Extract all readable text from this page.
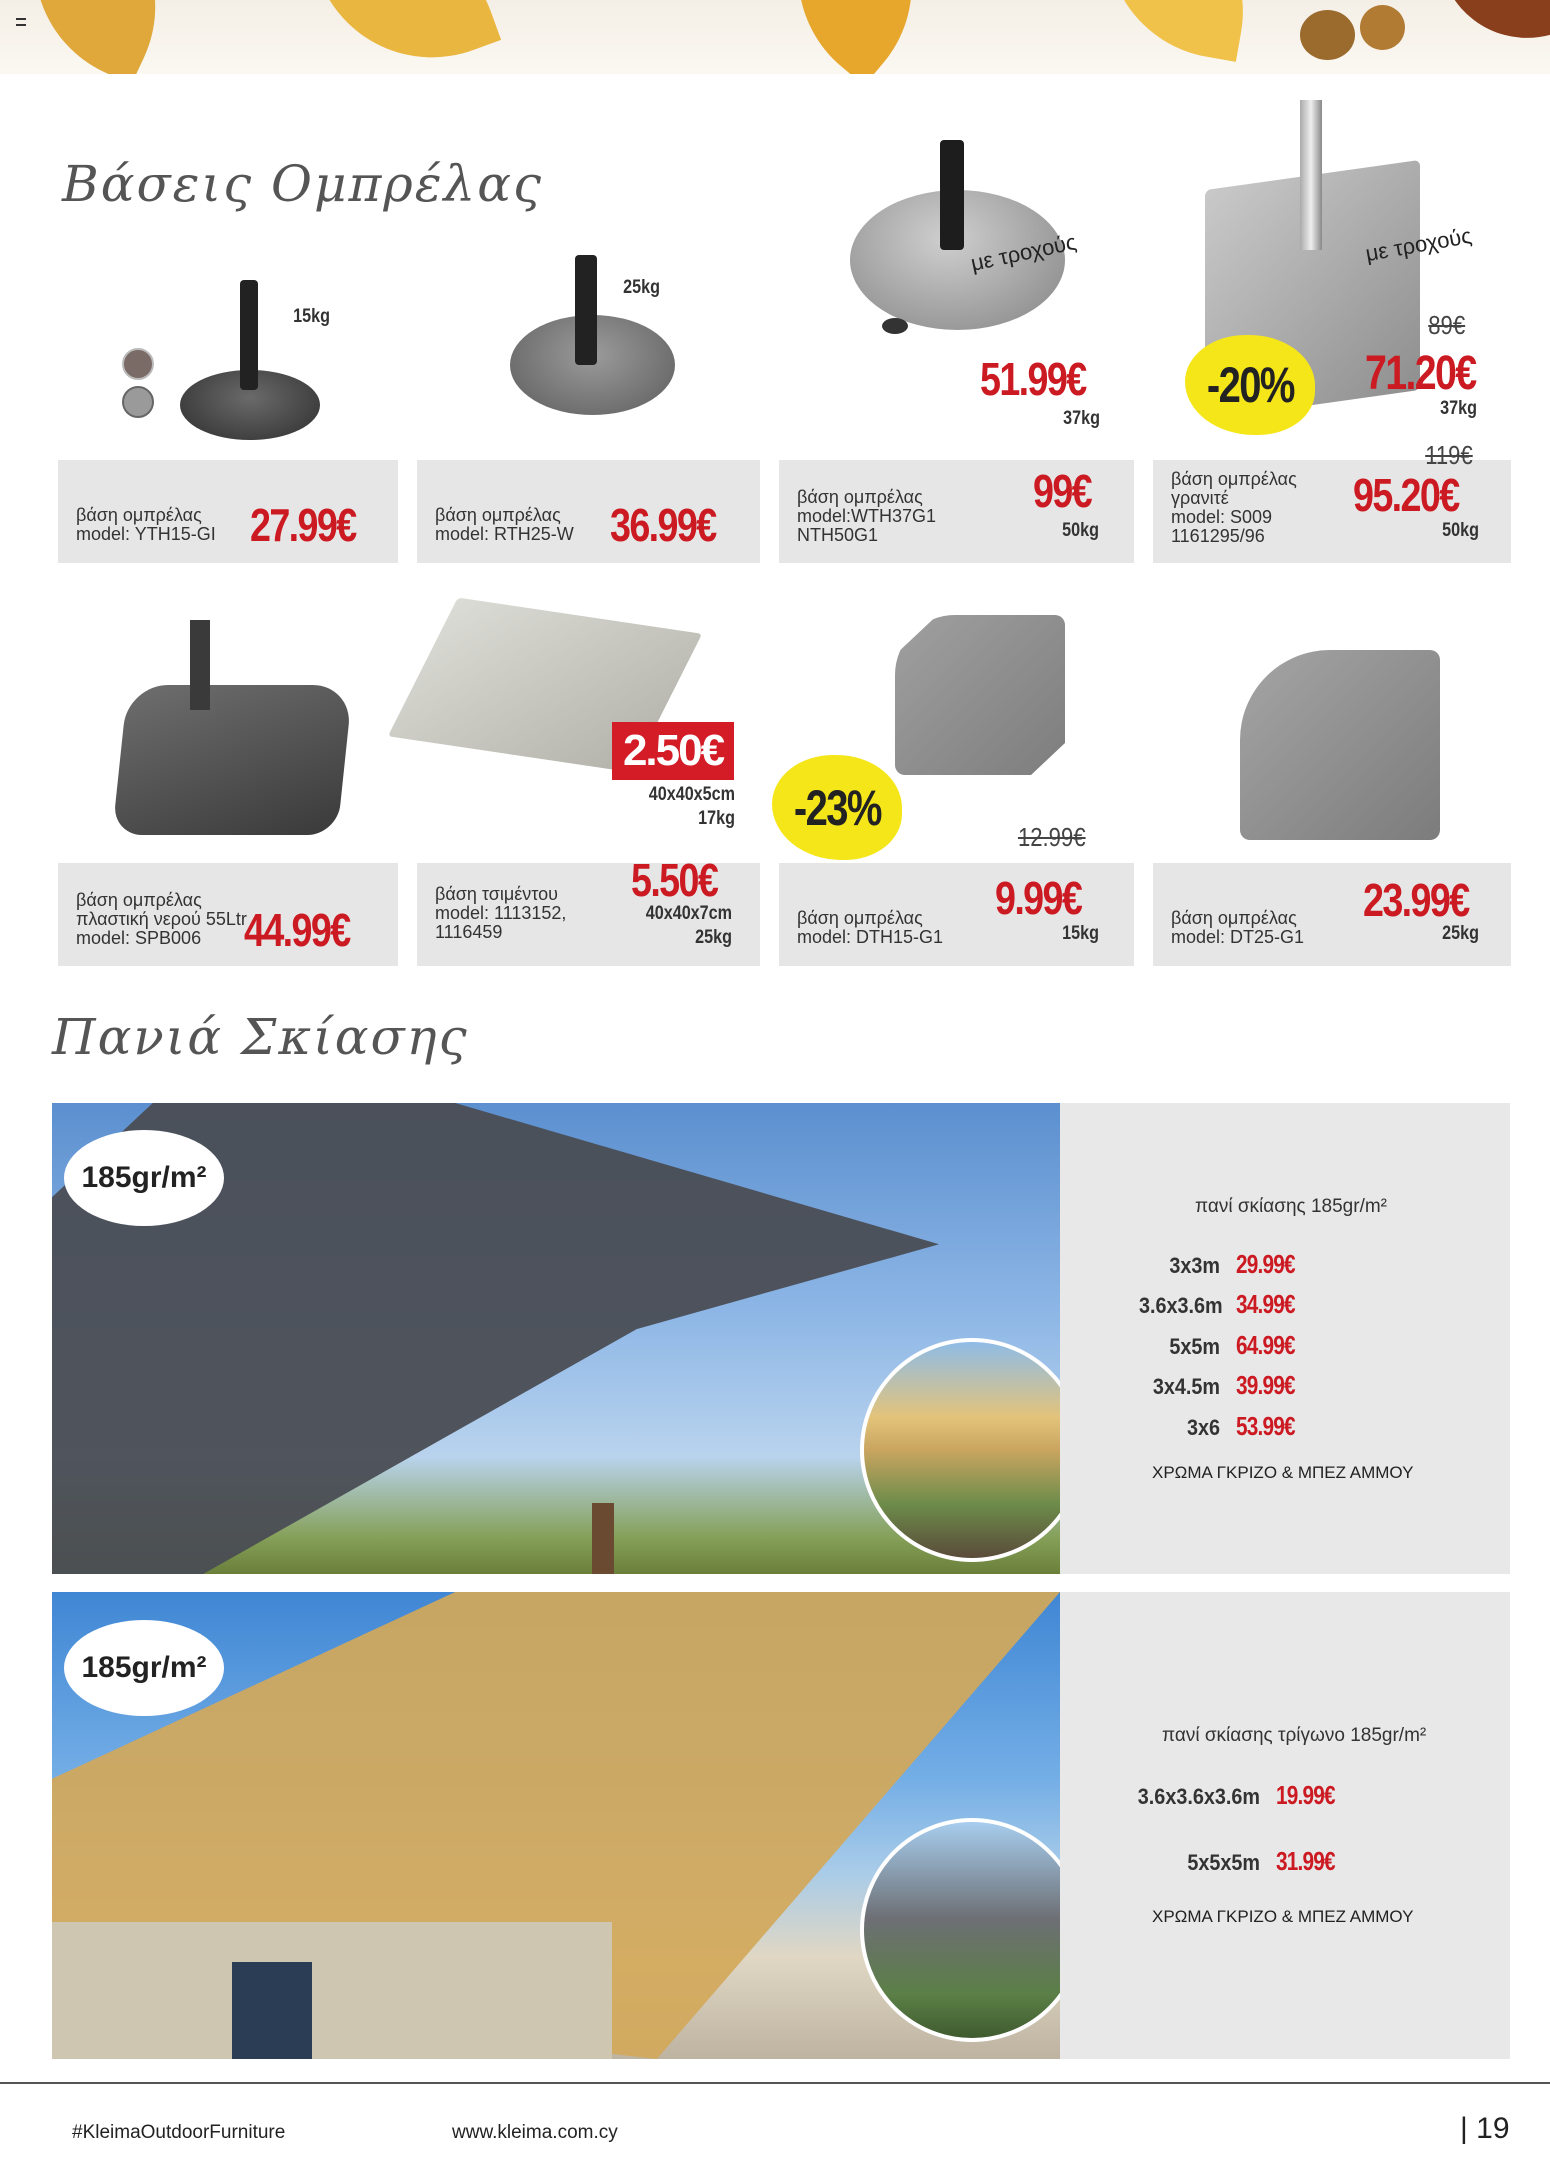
Βάσεις Ομπρέλας
15kg
25kg
με τροχούς
51.99€
37kg
με τροχούς
89€
-20% 71.20€
37kg
βάση ομπρέλας
model: YTH15-GI 27.99€	βάση ομπρέλας
model: RTH25-W 36.99€
βάση ομπρέλας
model:WTH37G1
NTH50G1
99€
50kg
119€
βάση ομπρέλας
γρανιτέ
model: S009
1161295/96
95.20€
50kg
2.50€
40x40x5cm
17kg -23%
12.99€
βάση ομπρέλας
πλαστική νερού 55Ltr
model: SPB006 44.99€
βάση τσιμέντου
model: 1113152,
1116459
5.50€
40x40x7cm
25kg
βάση ομπρέλας
model: DTH15-G1
9.99€
15kg
βάση ομπρέλας
model: DT25-G1
23.99€
25kg
Πανιά Σκίασης
185gr/m²
πανί σκίασης 185gr/m²
3x3m 29.99€
3.6x3.6m 34.99€
5x5m 64.99€
3x4.5m 39.99€
3x6 53.99€
ΧΡΩΜΑ ΓΚΡΙΖΟ & ΜΠΕΖ ΑΜΜΟΥ
185gr/m²
πανί σκίασης τρίγωνο 185gr/m²
3.6x3.6x3.6m 19.99€
5x5x5m 31.99€
ΧΡΩΜΑ ΓΚΡΙΖΟ & ΜΠΕΖ ΑΜΜΟΥ
#KleimaOutdoorFurniture	www.kleima.com.cy	| 19
